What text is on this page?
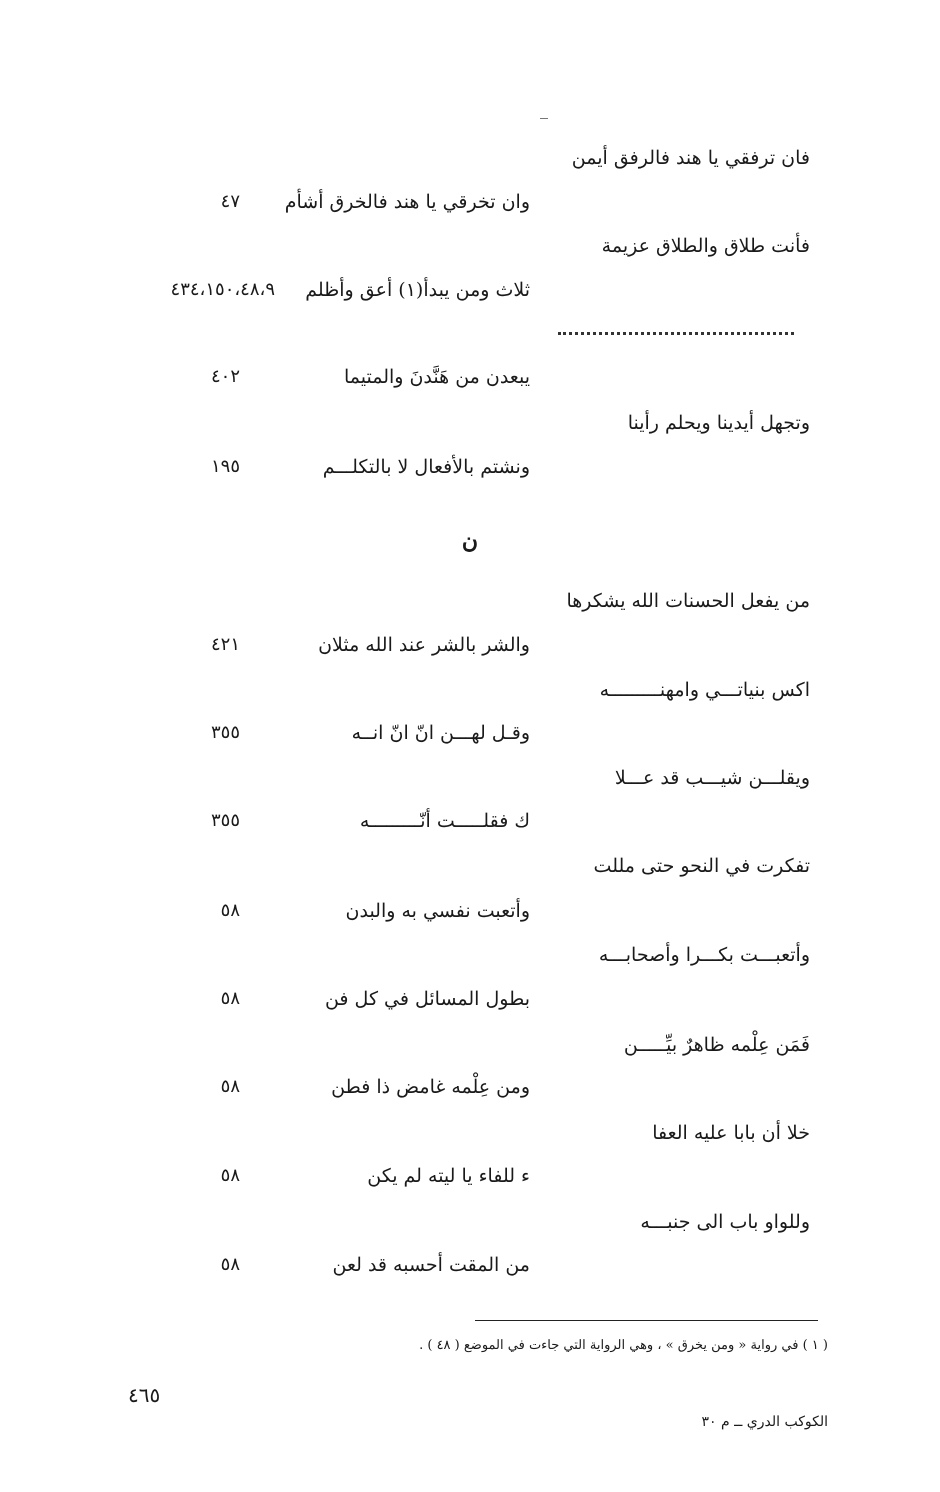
فان ترفقي يا هند فالرفق أيمن
وان تخرقي يا هند فالخرق أشأم
٤٧
فأنت طلاق والطلاق عزيمة
ثلاث ومن يبدأ(١) أعق وأظلم
٤٣٤،١٥٠،٤٨،٩
يبعدن من هَنَّدنَ والمتيما
٤٠٢
وتجهل أيدينا ويحلم رأينا
ونشتم بالأفعال لا بالتكلـــم
١٩٥
ن
من يفعل الحسنات الله يشكرها
والشر بالشر عند الله مثلان
٤٢١
اكس بنياتـــي وامهنـــــــــه
وقـل لهـــن انّ انّ انــه
٣٥٥
ويقلـــن شيـــب قد عـــلا
ك فقلـــــت أنّـــــــــه
٣٥٥
تفكرت في النحو حتى مللت
وأتعبت نفسي به والبدن
٥٨
وأتعبـــت بكـــرا وأصحابـــه
بطول المسائل في كل فن
٥٨
فَمَن عِلْمه ظاهرٌ بيِّـــــن
ومن عِلْمه غامض ذا فطن
٥٨
خلا أن بابا عليه العفا
ء للفاء يا ليته لم يكن
٥٨
وللواو باب الى جنبـــه
من المقت أحسبه قد لعن
٥٨
( ١ ) في رواية « ومن يخرق » ، وهي الرواية التي جاءت في الموضع ( ٤٨ ) .
٤٦٥
الكوكب الدري ــ م ٣٠
